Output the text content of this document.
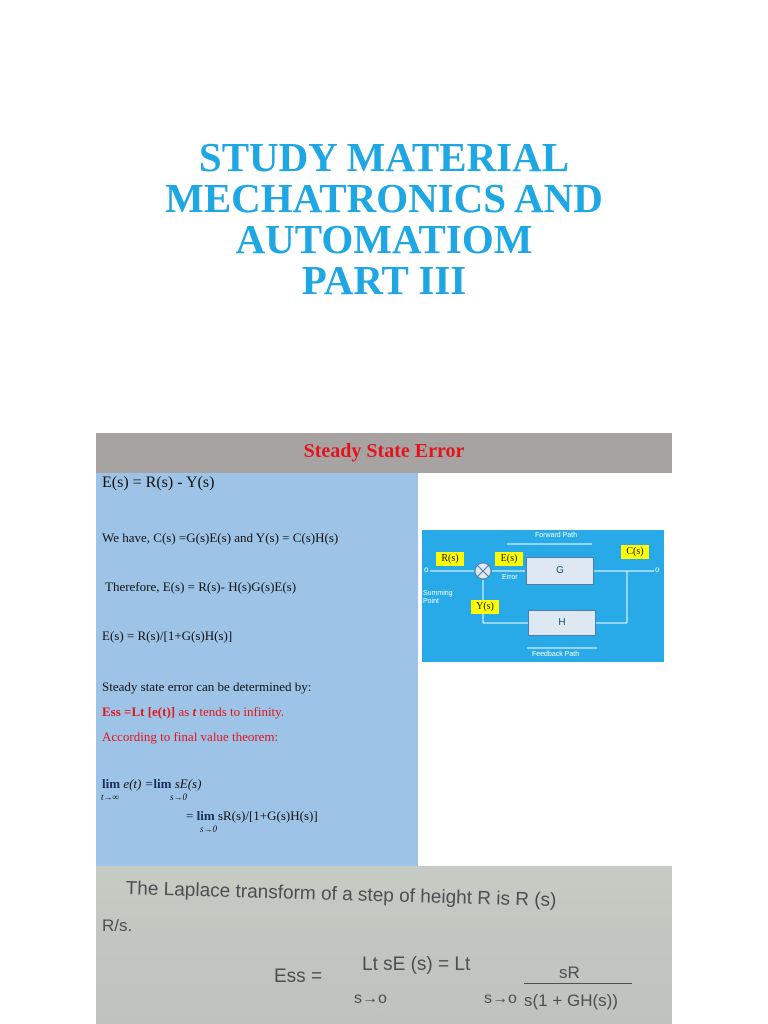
STUDY MATERIAL
MECHATRONICS AND
AUTOMATIOM
PART III
Steady State Error
E(s) = R(s) - Y(s)
We have, C(s) =G(s)E(s) and Y(s) = C(s)H(s)
Therefore, E(s) = R(s)- H(s)G(s)E(s)
E(s) = R(s)/[1+G(s)H(s)]
Steady state error can be determined by:
Ess =Lt [e(t)] as t tends to infinity.
According to final value theorem:
lim e(t) =lim sE(s)
t→∞	s→0
= lim sR(s)/[1+G(s)H(s)]
s→0
Forward Path
Feedback Path
R(s)	E(s)
C(s)
Y(s)
G
H
Error
Summing Point
o	o
The Laplace transform of a step of height R is R (s)
R/s.
Ess =
Lt sE (s) = Lt
s→o	s→o
sR
s(1 + GH(s))
